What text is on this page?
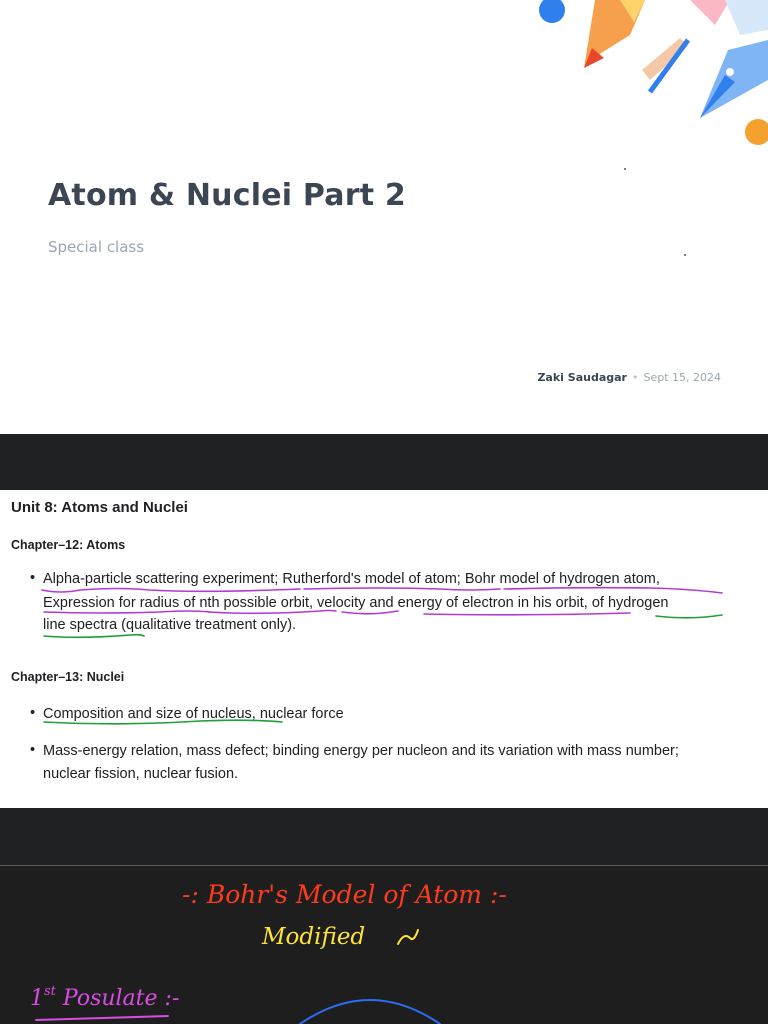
Atom & Nuclei Part 2
Special class
Zaki Saudagar • Sept 15, 2024
Unit 8: Atoms and Nuclei
Chapter–12: Atoms
• Alpha-particle scattering experiment; Rutherford's model of atom; Bohr model of hydrogen atom,
Expression for radius of nth possible orbit, velocity and energy of electron in his orbit, of hydrogen
line spectra (qualitative treatment only).
Chapter–13: Nuclei
• Composition and size of nucleus, nuclear force
• Mass-energy relation, mass defect; binding energy per nucleon and its variation with mass number;
nuclear fission, nuclear fusion.
-: Bohr's Model of Atom :-
Modified
1st Posulate :-
